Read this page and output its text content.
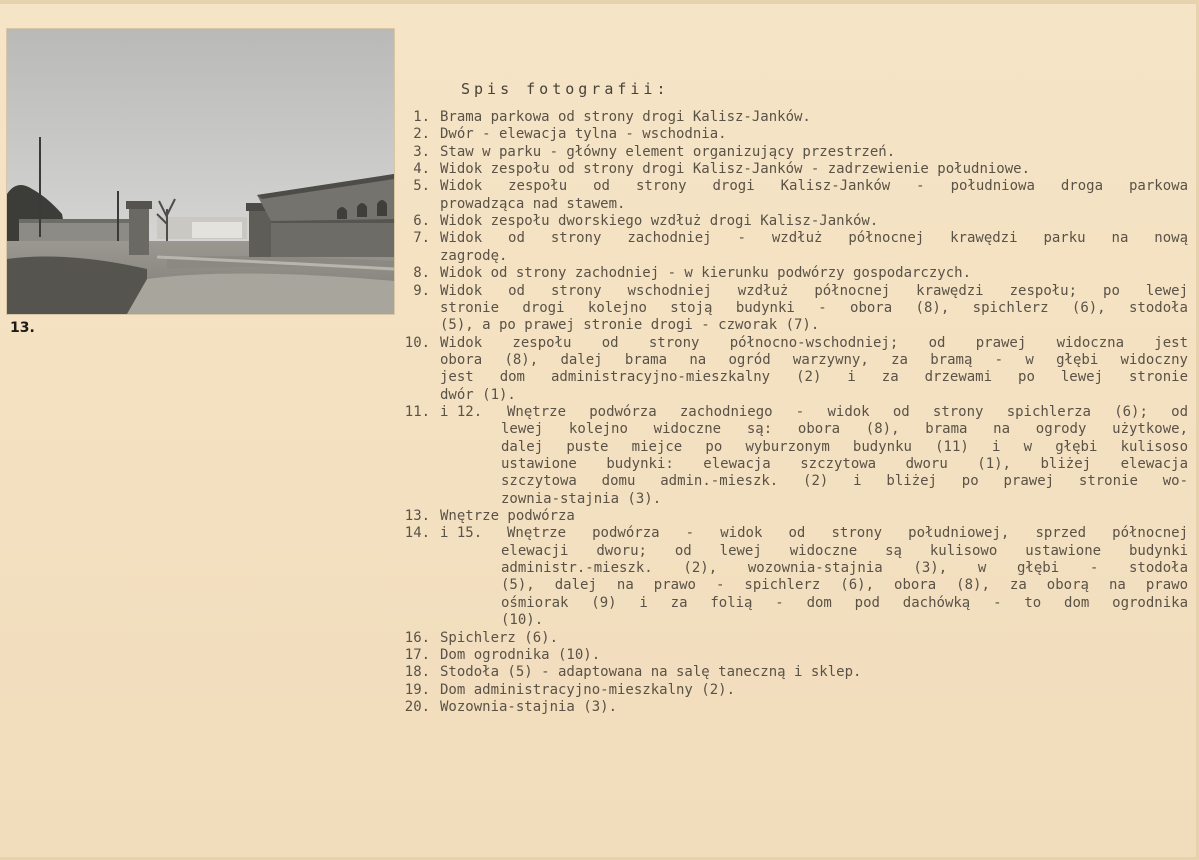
13.
Spis fotografii:
1. Brama parkowa od strony drogi Kalisz-Janków.
2. Dwór - elewacja tylna - wschodnia.
3. Staw w parku - główny element organizujący przestrzeń.
4. Widok zespołu od strony drogi Kalisz-Janków - zadrzewienie południowe.
5. Widok zespołu od strony drogi Kalisz-Janków - południowa droga parkowa
prowadząca nad stawem.
6. Widok zespołu dworskiego wzdłuż drogi Kalisz-Janków.
7. Widok od strony zachodniej - wzdłuż północnej krawędzi parku na nową
zagrodę.
8. Widok od strony zachodniej - w kierunku podwórzy gospodarczych.
9. Widok od strony wschodniej wzdłuż północnej krawędzi zespołu; po lewej
stronie drogi kolejno stoją budynki - obora (8), spichlerz (6), stodoła
(5), a po prawej stronie drogi - czworak (7).
10. Widok zespołu od strony północno-wschodniej; od prawej widoczna jest
obora (8), dalej brama na ogród warzywny, za bramą - w głębi widoczny
jest dom administracyjno-mieszkalny (2) i za drzewami po lewej stronie
dwór (1).
11. i 12. Wnętrze podwórza zachodniego - widok od strony spichlerza (6); od
lewej kolejno widoczne są: obora (8), brama na ogrody użytkowe,
dalej puste miejce po wyburzonym budynku (11) i w głębi kulisoso
ustawione budynki: elewacja szczytowa dworu (1), bliżej elewacja
szczytowa domu admin.-mieszk. (2) i bliżej po prawej stronie wo-
zownia-stajnia (3).
13. Wnętrze podwórza
14. i 15. Wnętrze podwórza - widok od strony południowej, sprzed północnej
elewacji dworu; od lewej widoczne są kulisowo ustawione budynki
administr.-mieszk. (2), wozownia-stajnia (3), w głębi - stodoła
(5), dalej na prawo - spichlerz (6), obora (8), za oborą na prawo
ośmiorak (9) i za folią - dom pod dachówką - to dom ogrodnika
(10).
16. Spichlerz (6).
17. Dom ogrodnika (10).
18. Stodoła (5) - adaptowana na salę taneczną i sklep.
19. Dom administracyjno-mieszkalny (2).
20. Wozownia-stajnia (3).
